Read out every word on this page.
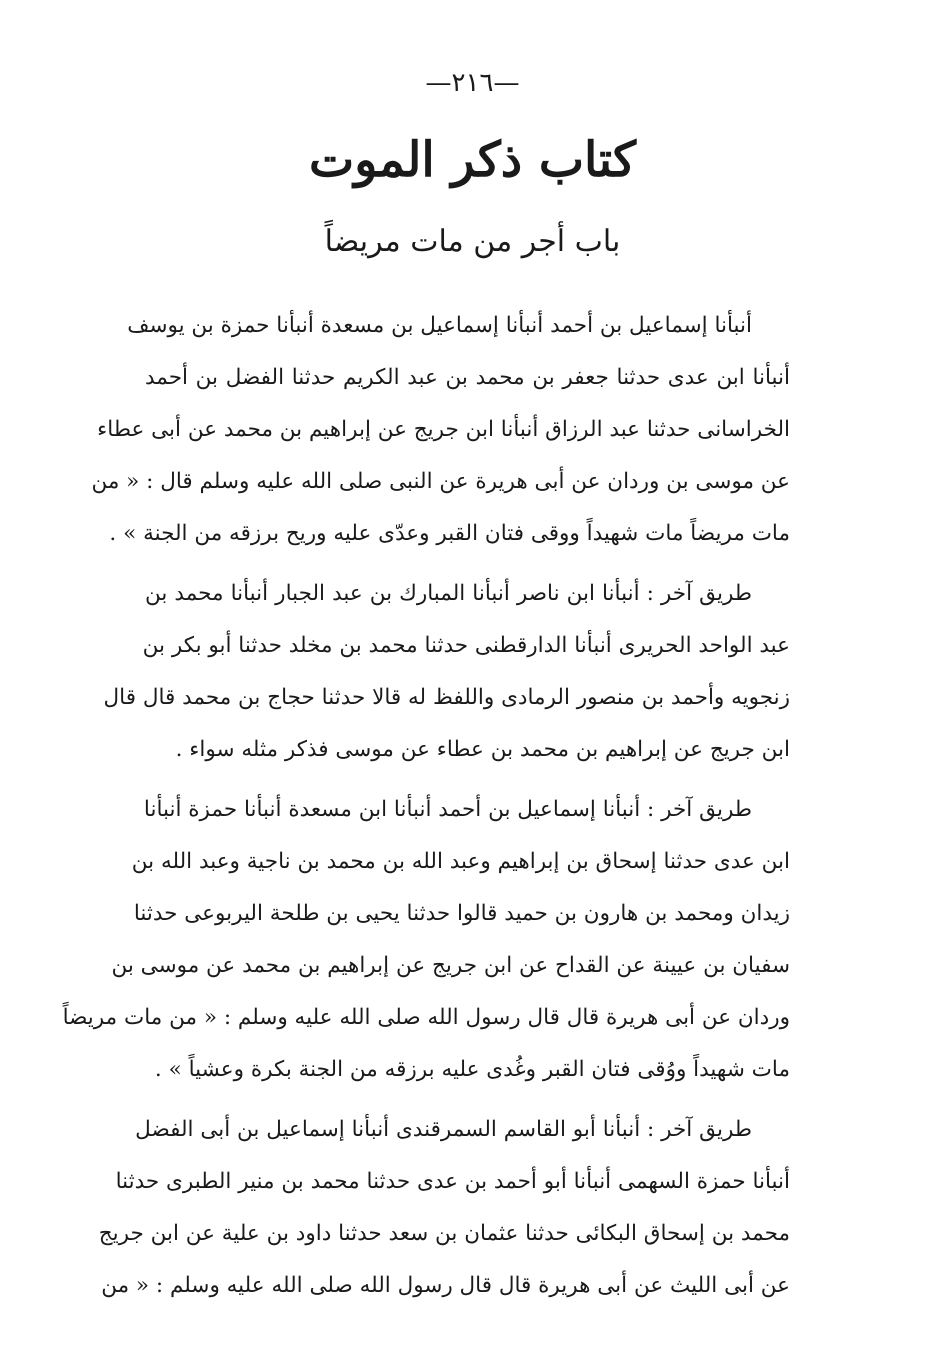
—٢١٦—
كتاب ذكر الموت
باب أجر من مات مريضاً
أنبأنا إسماعيل بن أحمد أنبأنا إسماعيل بن مسعدة أنبأنا حمزة بن يوسف
أنبأنا ابن عدى حدثنا جعفر بن محمد بن عبد الكريم حدثنا الفضل بن أحمد
الخراسانى حدثنا عبد الرزاق أنبأنا ابن جريج عن إبراهيم بن محمد عن أبى عطاء
عن موسى بن وردان عن أبى هريرة عن النبى صلى الله عليه وسلم قال : « من
مات مريضاً مات شهيداً ووقى فتان القبر وعدّى عليه وريح برزقه من الجنة » .
طريق آخر : أنبأنا ابن ناصر أنبأنا المبارك بن عبد الجبار أنبأنا محمد بن
عبد الواحد الحريرى أنبأنا الدارقطنى حدثنا محمد بن مخلد حدثنا أبو بكر بن
زنجويه وأحمد بن منصور الرمادى واللفظ له قالا حدثنا حجاج بن محمد قال قال
ابن جريج عن إبراهيم بن محمد بن عطاء عن موسى فذكر مثله سواء .
طريق آخر : أنبأنا إسماعيل بن أحمد أنبأنا ابن مسعدة أنبأنا حمزة أنبأنا
ابن عدى حدثنا إسحاق بن إبراهيم وعبد الله بن محمد بن ناجية وعبد الله بن
زيدان ومحمد بن هارون بن حميد قالوا حدثنا يحيى بن طلحة اليربوعى حدثنا
سفيان بن عيينة عن القداح عن ابن جريج عن إبراهيم بن محمد عن موسى بن
وردان عن أبى هريرة قال قال رسول الله صلى الله عليه وسلم : « من مات مريضاً
مات شهيداً ووُقى فتان القبر وغُدى عليه برزقه من الجنة بكرة وعشياً » .
طريق آخر : أنبأنا أبو القاسم السمرقندى أنبأنا إسماعيل بن أبى الفضل
أنبأنا حمزة السهمى أنبأنا أبو أحمد بن عدى حدثنا محمد بن منير الطبرى حدثنا
محمد بن إسحاق البكائى حدثنا عثمان بن سعد حدثنا داود بن علية عن ابن جريج
عن أبى الليث عن أبى هريرة قال قال رسول الله صلى الله عليه وسلم : « من
